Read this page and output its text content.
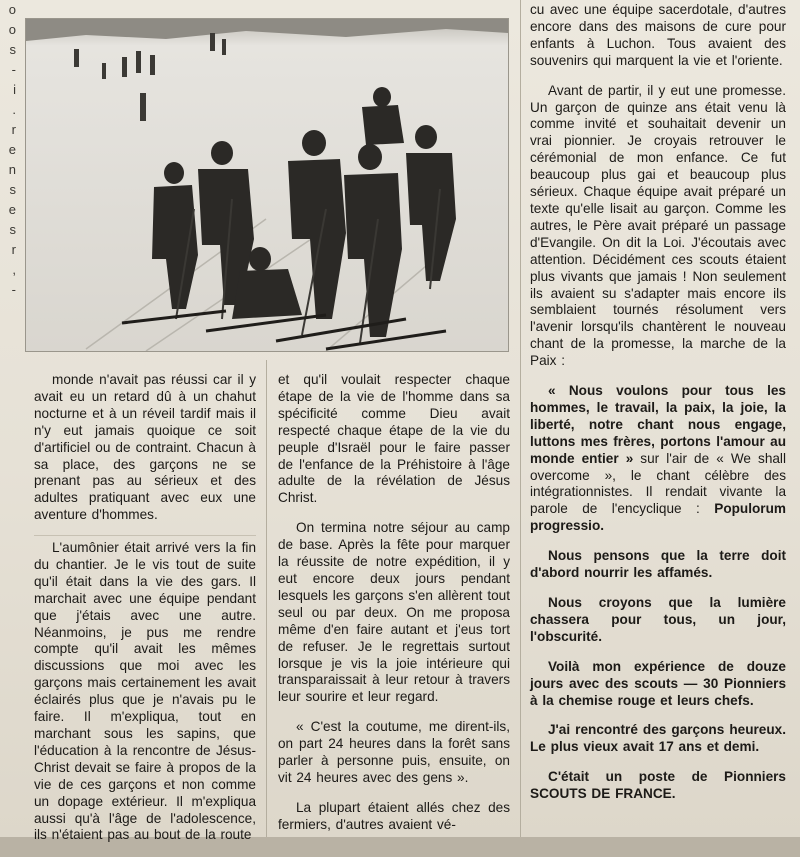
o
o
s
-
i
.
r
e
n
s
e
s
r
,
-

monde n'avait pas réussi car il y avait eu un retard dû à un chahut nocturne et à un réveil tardif mais il n'y eut jamais quoique ce soit d'artificiel ou de contraint. Chacun à sa place, des garçons ne se prenant pas au sérieux et des adultes pratiquant avec eux une aventure d'hommes.

L'aumônier était arrivé vers la fin du chantier. Je le vis tout de suite qu'il était dans la vie des gars. Il marchait avec une équipe pendant que j'étais avec une autre. Néanmoins, je pus me rendre compte qu'il avait les mêmes discussions que moi avec les garçons mais certainement les avait éclairés plus que je n'avais pu le faire. Il m'expliqua, tout en marchant sous les sapins, que l'éducation à la rencontre de Jésus-Christ devait se faire à propos de la vie de ces garçons et non comme un dopage extérieur. Il m'expliqua aussi qu'à l'âge de l'adolescence, ils n'étaient pas au bout de la route

et qu'il voulait respecter chaque étape de la vie de l'homme dans sa spécificité comme Dieu avait respecté chaque étape de la vie du peuple d'Israël pour le faire passer de l'enfance de la Préhistoire à l'âge adulte de la révélation de Jésus Christ.

On termina notre séjour au camp de base. Après la fête pour marquer la réussite de notre expédition, il y eut encore deux jours pendant lesquels les garçons s'en allèrent tout seul ou par deux. On me proposa même d'en faire autant et j'eus tort de refuser. Je le regrettais surtout lorsque je vis la joie intérieure qui transparaissait à leur retour à travers leur sourire et leur regard.

« C'est la coutume, me dirent-ils, on part 24 heures dans la forêt sans parler à personne puis, ensuite, on vit 24 heures avec des gens ».

La plupart étaient allés chez des fermiers, d'autres avaient vé-

cu avec une équipe sacerdotale, d'autres encore dans des maisons de cure pour enfants à Luchon. Tous avaient des souvenirs qui marquent la vie et l'oriente.

Avant de partir, il y eut une promesse. Un garçon de quinze ans était venu là comme invité et souhaitait devenir un vrai pionnier. Je croyais retrouver le cérémonial de mon enfance. Ce fut beaucoup plus gai et beaucoup plus sérieux. Chaque équipe avait préparé un texte qu'elle lisait au garçon. Comme les autres, le Père avait préparé un passage d'Evangile. On dit la Loi. J'écoutais avec attention. Décidément ces scouts étaient plus vivants que jamais ! Non seulement ils avaient su s'adapter mais encore ils semblaient tournés résolument vers l'avenir lorsqu'ils chantèrent le nouveau chant de la promesse, la marche de la Paix :

« Nous voulons pour tous les hommes, le travail, la paix, la joie, la liberté, notre chant nous engage, luttons mes frères, portons l'amour au monde entier » sur l'air de « We shall overcome », le chant célèbre des intégrationnistes. Il rendait vivante la parole de l'encyclique : Populorum progressio.

Nous pensons que la terre doit d'abord nourrir les affamés.

Nous croyons que la lumière chassera pour tous, un jour, l'obscurité.

Voilà mon expérience de douze jours avec des scouts — 30 Pionniers à la chemise rouge et leurs chefs.

J'ai rencontré des garçons heureux. Le plus vieux avait 17 ans et demi.

C'était un poste de Pionniers SCOUTS DE FRANCE.
